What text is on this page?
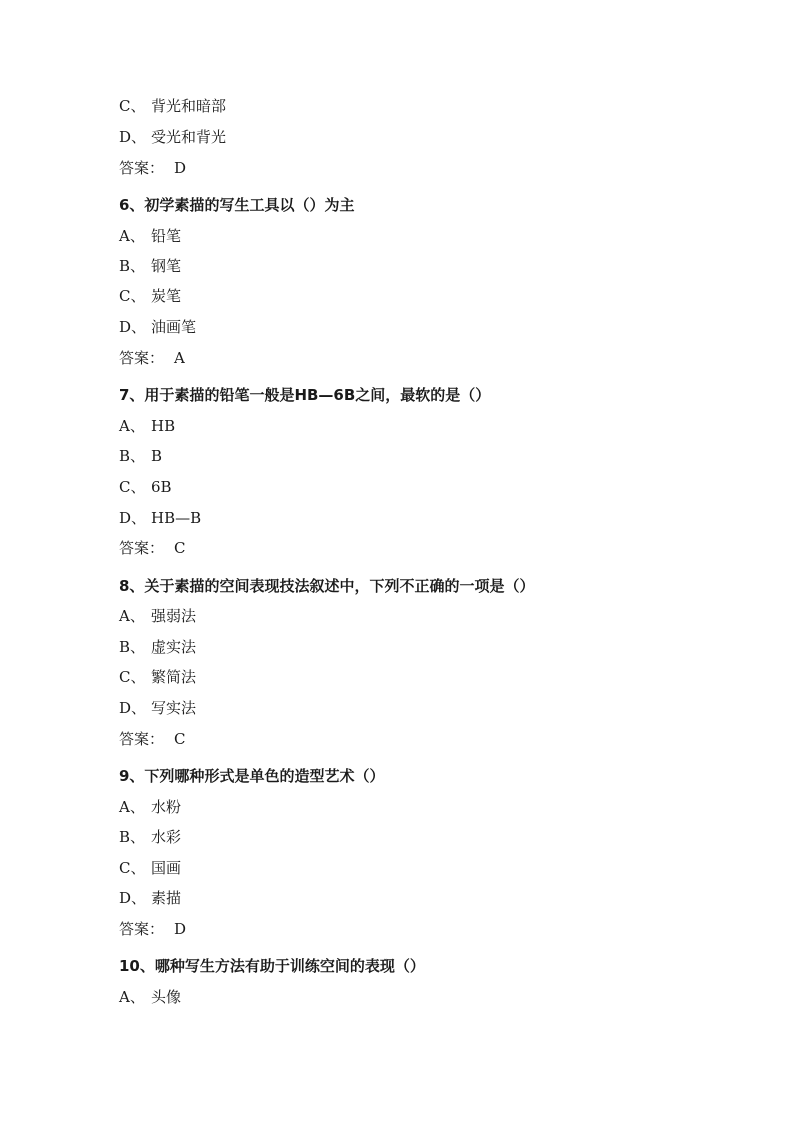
C、 背光和暗部
D、 受光和背光
答案： D
6、初学素描的写生工具以（）为主
A、 铅笔
B、 钢笔
C、 炭笔
D、 油画笔
答案： A
7、用于素描的铅笔一般是HB—6B之间，最软的是（）
A、 HB
B、 B
C、 6B
D、 HB—B
答案： C
8、关于素描的空间表现技法叙述中，下列不正确的一项是（）
A、 强弱法
B、 虚实法
C、 繁简法
D、 写实法
答案： C
9、下列哪种形式是单色的造型艺术（）
A、 水粉
B、 水彩
C、 国画
D、 素描
答案： D
10、哪种写生方法有助于训练空间的表现（）
A、 头像
